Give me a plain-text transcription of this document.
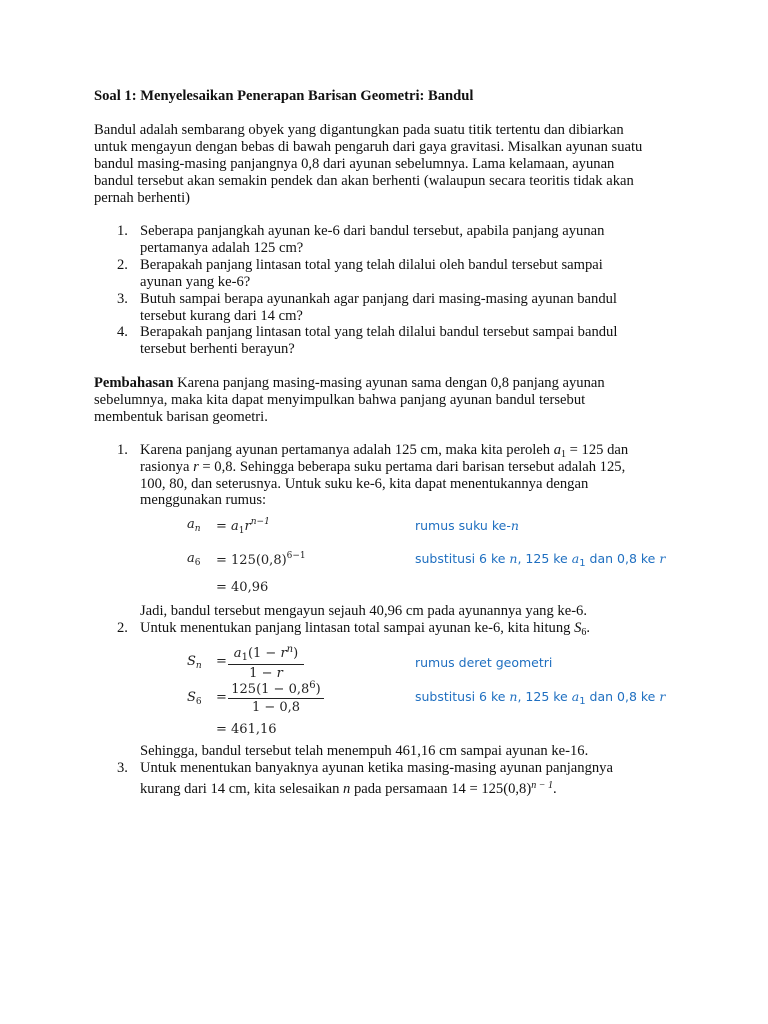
Soal 1: Menyelesaikan Penerapan Barisan Geometri: Bandul
Bandul adalah sembarang obyek yang digantungkan pada suatu titik tertentu dan dibiarkan
untuk mengayun dengan bebas di bawah pengaruh dari gaya gravitasi. Misalkan ayunan suatu
bandul masing-masing panjangnya 0,8 dari ayunan sebelumnya. Lama kelamaan, ayunan
bandul tersebut akan semakin pendek dan akan berhenti (walaupun secara teoritis tidak akan
pernah berhenti)
1. Seberapa panjangkah ayunan ke-6 dari bandul tersebut, apabila panjang ayunan
pertamanya adalah 125 cm?
2. Berapakah panjang lintasan total yang telah dilalui oleh bandul tersebut sampai
ayunan yang ke-6?
3. Butuh sampai berapa ayunankah agar panjang dari masing-masing ayunan bandul
tersebut kurang dari 14 cm?
4. Berapakah panjang lintasan total yang telah dilalui bandul tersebut sampai bandul
tersebut berhenti berayun?
Pembahasan Karena panjang masing-masing ayunan sama dengan 0,8 panjang ayunan
sebelumnya, maka kita dapat menyimpulkan bahwa panjang ayunan bandul tersebut
membentuk barisan geometri.
1. Karena panjang ayunan pertamanya adalah 125 cm, maka kita peroleh $a_1 = 125$ dan
rasionya r = 0,8. Sehingga beberapa suku pertama dari barisan tersebut adalah 125,
100, 80, dan seterusnya. Untuk suku ke-6, kita dapat menentukannya dengan
menggunakan rumus:
$a_n = a_1r^{n-1}$	rumus suku ke-n
$a_6 = 125(0,8)^{6-1}$	substitusi 6 ke n, 125 ke $a_1$ dan 0,8 ke r
= 40,96
Jadi, bandul tersebut mengayun sejauh 40,96 cm pada ayunannya yang ke-6.
2. Untuk menentukan panjang lintasan total sampai ayunan ke-6, kita hitung $S_6$.
$S_n = \frac{a_1(1 - r^n)}{1 - r}$	rumus deret geometri
$S_6 = \frac{125(1 - 0,8^6)}{1 - 0,8}$	substitusi 6 ke n, 125 ke $a_1$ dan 0,8 ke r
= 461,16
Sehingga, bandul tersebut telah menempuh 461,16 cm sampai ayunan ke-16.
3. Untuk menentukan banyaknya ayunan ketika masing-masing ayunan panjangnya
kurang dari 14 cm, kita selesaikan n pada persamaan $14 = 125(0,8)^{n - 1}$.
